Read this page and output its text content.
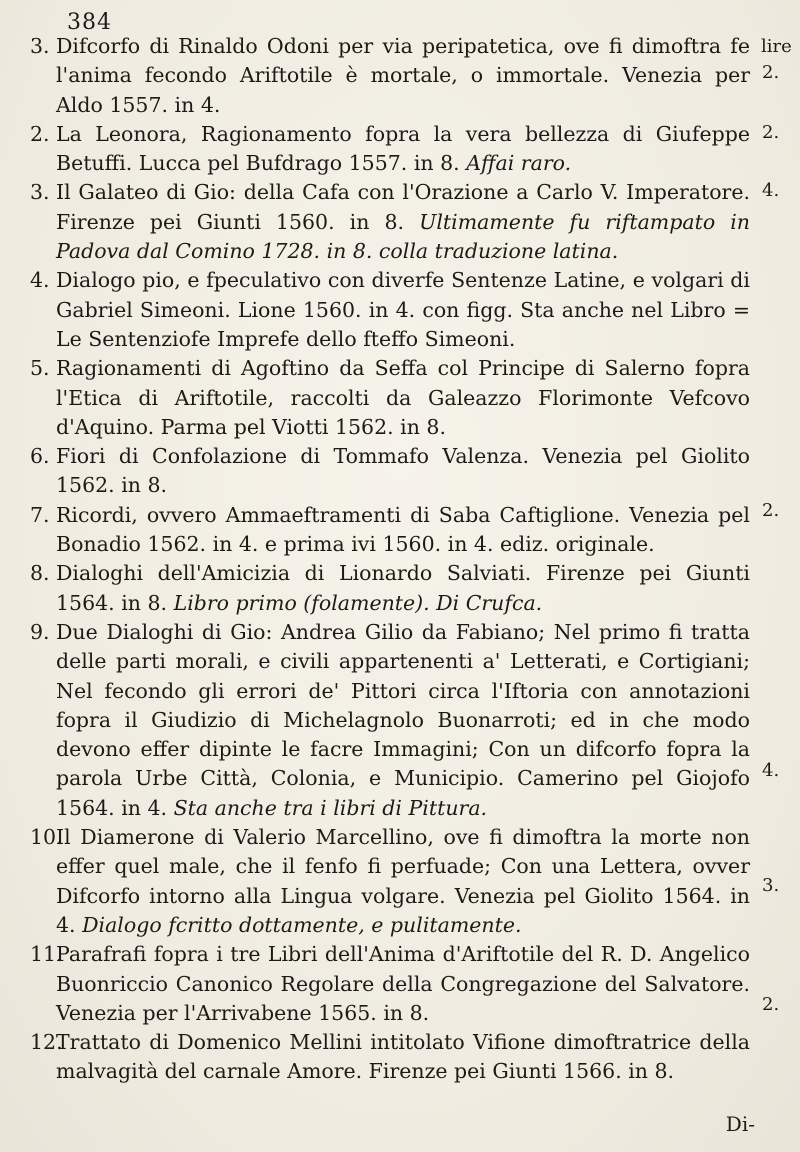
384
lire
3. Difcorfo di Rinaldo Odoni per via peripatetica, ove fi dimoftra fe l'anima fecondo Ariftotile è mortale, o immortale. Venezia per Aldo 1557. in 4.
2. La Leonora, Ragionamento fopra la vera bellezza di Giufeppe Betuffi. Lucca pel Bufdrago 1557. in 8. Affai raro.
3. Il Galateo di Gio: della Cafa con l'Orazione a Carlo V. Imperatore. Firenze pei Giunti 1560. in 8. Ultimamente fu riftampato in Padova dal Comino 1728. in 8. colla traduzione latina.
4. Dialogo pio, e fpeculativo con diverfe Sentenze Latine, e volgari di Gabriel Simeoni. Lione 1560. in 4. con figg. Sta anche nel Libro = Le Sentenziofe Imprefe dello fteffo Simeoni.
5. Ragionamenti di Agoftino da Seffa col Principe di Salerno fopra l'Etica di Ariftotile, raccolti da Galeazzo Florimonte Vefcovo d'Aquino. Parma pel Viotti 1562. in 8.
6. Fiori di Confolazione di Tommafo Valenza. Venezia pel Giolito 1562. in 8.
7. Ricordi, ovvero Ammaeftramenti di Saba Caftiglione. Venezia pel Bonadio 1562. in 4. e prima ivi 1560. in 4. ediz. originale.
8. Dialoghi dell'Amicizia di Lionardo Salviati. Firenze pei Giunti 1564. in 8. Libro primo (folamente). Di Crufca.
9. Due Dialoghi di Gio: Andrea Gilio da Fabiano; Nel primo fi tratta delle parti morali, e civili appartenenti a' Letterati, e Cortigiani; Nel fecondo gli errori de' Pittori circa l'Iftoria con annotazioni fopra il Giudizio di Michelagnolo Buonarroti; ed in che modo devono effer dipinte le facre Immagini; Con un difcorfo fopra la parola Urbe Città, Colonia, e Municipio. Camerino pel Giojofo 1564. in 4. Sta anche tra i libri di Pittura.
10.
Il Diamerone di Valerio Marcellino, ove fi dimoftra la morte non effer quel male, che il fenfo fi perfuade; Con una Lettera, ovver Difcorfo intorno alla Lingua volgare. Venezia pel Giolito 1564. in 4. Dialogo fcritto dottamente, e pulitamente.
11.
Parafrafi fopra i tre Libri dell'Anima d'Ariftotile del R. D. Angelico Buonriccio Canonico Regolare della Congregazione del Salvatore. Venezia per l'Arrivabene 1565. in 8.
12.
Trattato di Domenico Mellini intitolato Vifione dimoftratrice della malvagità del carnale Amore. Firenze pei Giunti 1566. in 8.
2.
2.
4.
2.
4.
3.
2.
Di-
